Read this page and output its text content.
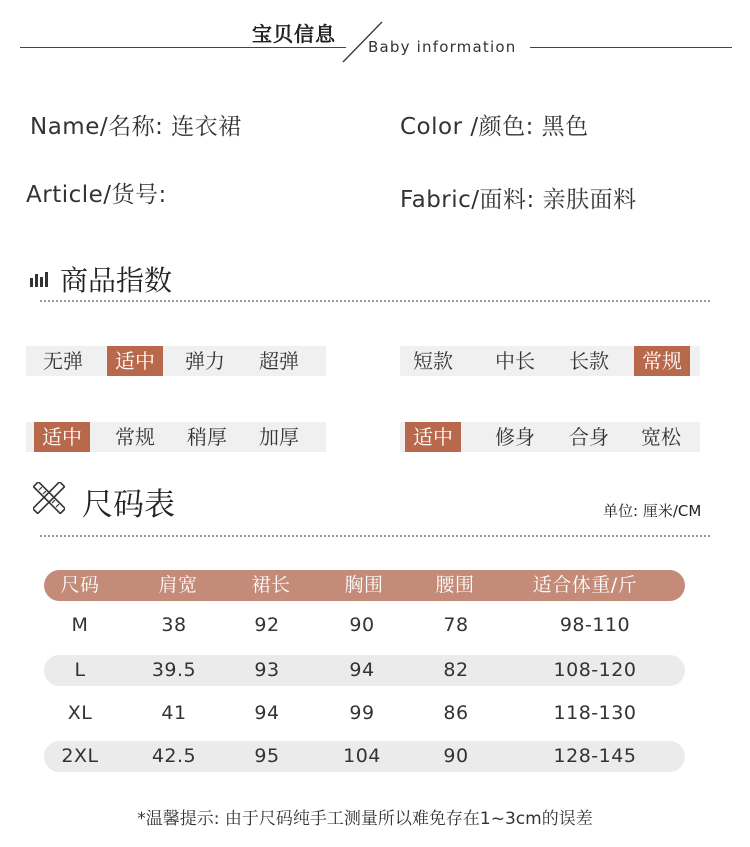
宝贝信息
Baby information
Name/名称: 连衣裙	Color /颜色: 黑色
Article/货号:	Fabric/面料: 亲肤面料
商品指数
无弹	适中	弹力	超弹	短款	中长	长款	常规
适中	常规	稍厚	加厚	适中	修身	合身	宽松
尺码表	单位: 厘米/CM
尺码	肩宽	裙长	胸围	腰围	适合体重/斤
M	38	92	90	78	98-110
L	39.5	93	94	82	108-120
XL	41	94	99	86	118-130
2XL	42.5	95	104	90	128-145
*温馨提示: 由于尺码纯手工测量所以难免存在1~3cm的误差
